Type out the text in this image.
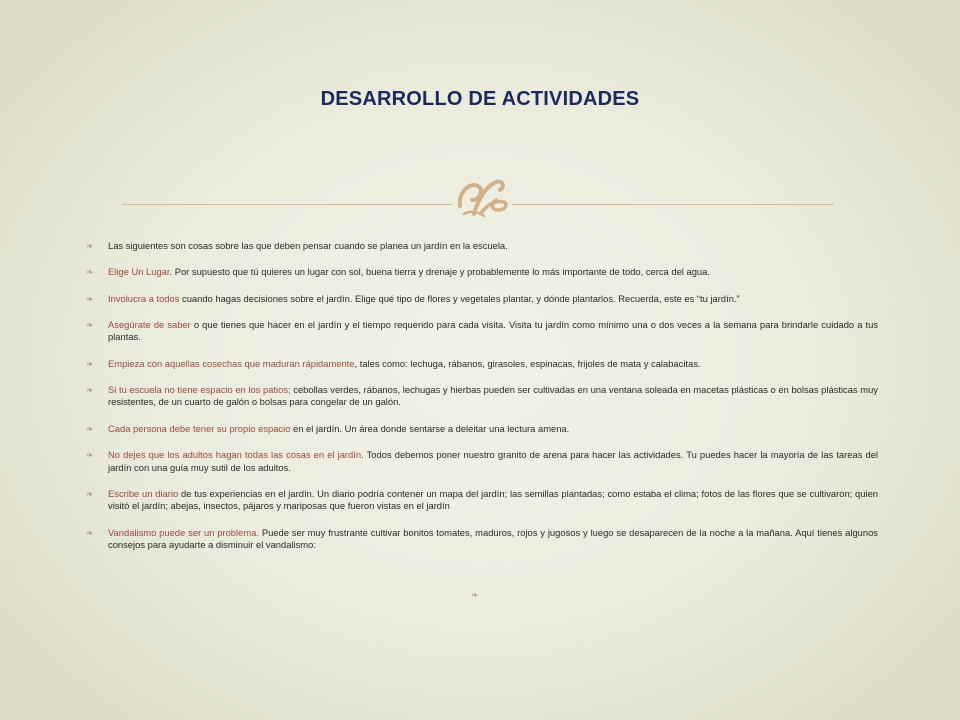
DESARROLLO DE ACTIVIDADES
❧	Las siguientes son cosas sobre las que deben pensar cuando se planea un jardín en la escuela.
❧	Elige Un Lugar. Por supuesto que tú quieres un lugar con sol, buena tierra y drenaje y probablemente lo más importante de todo, cerca del agua.
❧	Involucra a todos cuando hagas decisiones sobre el jardín. Elige qué tipo de flores y vegetales plantar, y dónde plantarlos. Recuerda, este es “tu jardín.”
❧	Asegúrate de saber o que tienes que hacer en el jardín y el tiempo requerido para cada visita. Visita tu jardín como mínimo una o dos veces a la semana para brindarle cuidado a tus plantas.
❧	Empieza con aquellas cosechas que maduran rápidamente, tales como: lechuga, rábanos, girasoles, espinacas, frijoles de mata y calabacitas.
❧	Si tu escuela no tiene espacio en los patios; cebollas verdes, rábanos, lechugas y hierbas pueden ser cultivadas en una ventana soleada en macetas plásticas o en bolsas plásticas muy resistentes, de un cuarto de galón o bolsas para congelar de un galón.
❧	Cada persona debe tener su propio espacio en el jardín. Un área donde sentarse a deleitar una lectura amena.
❧	No dejes que los adultos hagan todas las cosas en el jardín. Todos debemos poner nuestro granito de arena para hacer las actividades. Tu puedes hacer la mayoría de las tareas del jardín con una guía muy sutil de los adultos.
❧	Escribe un diario de tus experiencias en el jardín. Un diario podría contener un mapa del jardín; las semillas plantadas; como estaba el clima; fotos de las flores que se cultivaron; quien visitó el jardín; abejas, insectos, pájaros y mariposas que fueron vistas en el jardín
❧	Vandalismo puede ser un problema. Puede ser muy frustrante cultivar bonitos tomates, maduros, rojos y jugosos y luego se desaparecen de la noche a la mañana. Aquí tienes algunos consejos para ayudarte a disminuir el vandalismo:
❧
